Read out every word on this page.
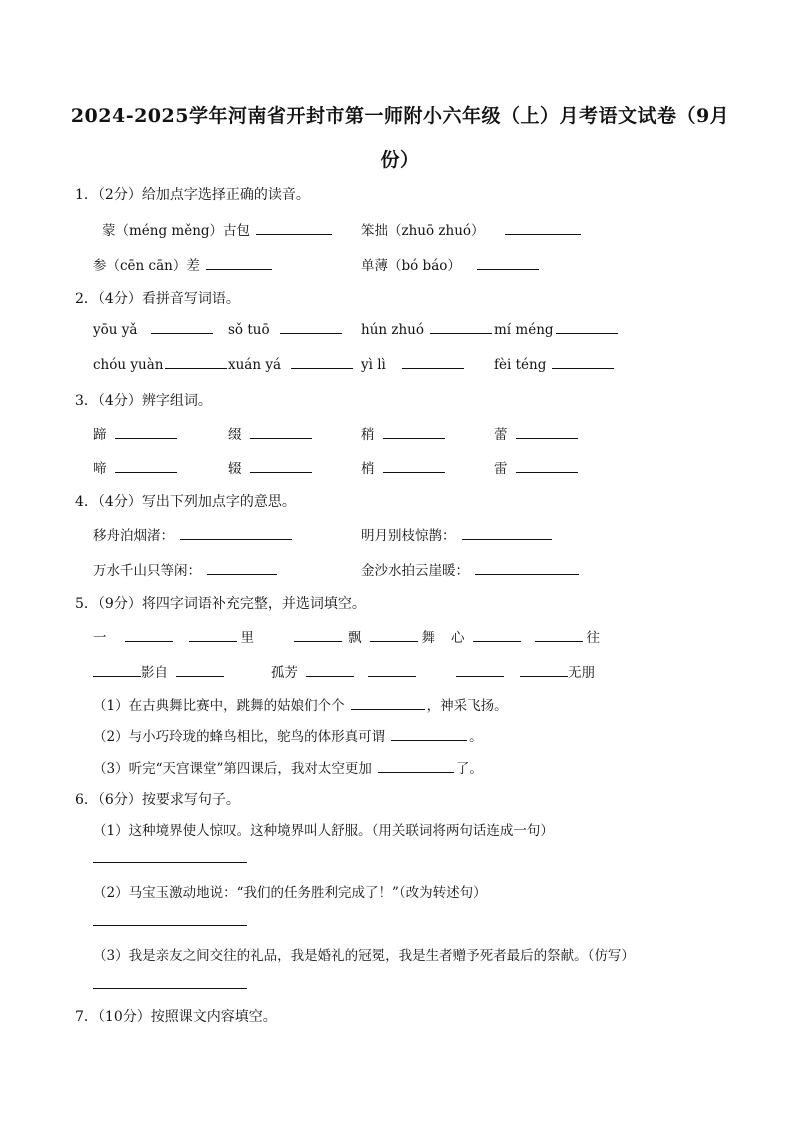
2024-2025学年河南省开封市第一师附小六年级（上）月考语文试卷（9月
份）
1．（2分）给加点字选择正确的读音。
蒙（méng měng）古包	笨拙（zhuō zhuó）
参（cēn cān）差	单薄（bó báo）
2．（4分）看拼音写词语。
yōu yǎ	sǒ tuō	hún zhuó	mí méng
chóu yuàn	xuán yá	yì lì	fèi téng
3．（4分）辨字组词。
蹄	缀	稍	蕾
啼	辍	梢	雷
4．（4分）写出下列加点字的意思。
移舟泊烟渚：	明月别枝惊鹊：
万水千山只等闲：	金沙水拍云崖暖：
5．（9分）将四字词语补充完整，并选词填空。
一	里	飘	舞 心	往
影自	孤芳	无朋
（1）在古典舞比赛中，跳舞的姑娘们个个	，神采飞扬。
（2）与小巧玲珑的蜂鸟相比，鸵鸟的体形真可谓	。
（3）听完“天宫课堂”第四课后，我对太空更加	了。
6．（6分）按要求写句子。
（1）这种境界使人惊叹。这种境界叫人舒服。（用关联词将两句话连成一句）
（2）马宝玉激动地说：“我们的任务胜利完成了！”（改为转述句）
（3）我是亲友之间交往的礼品，我是婚礼的冠冕，我是生者赠予死者最后的祭献。（仿写）
7．（10分）按照课文内容填空。
